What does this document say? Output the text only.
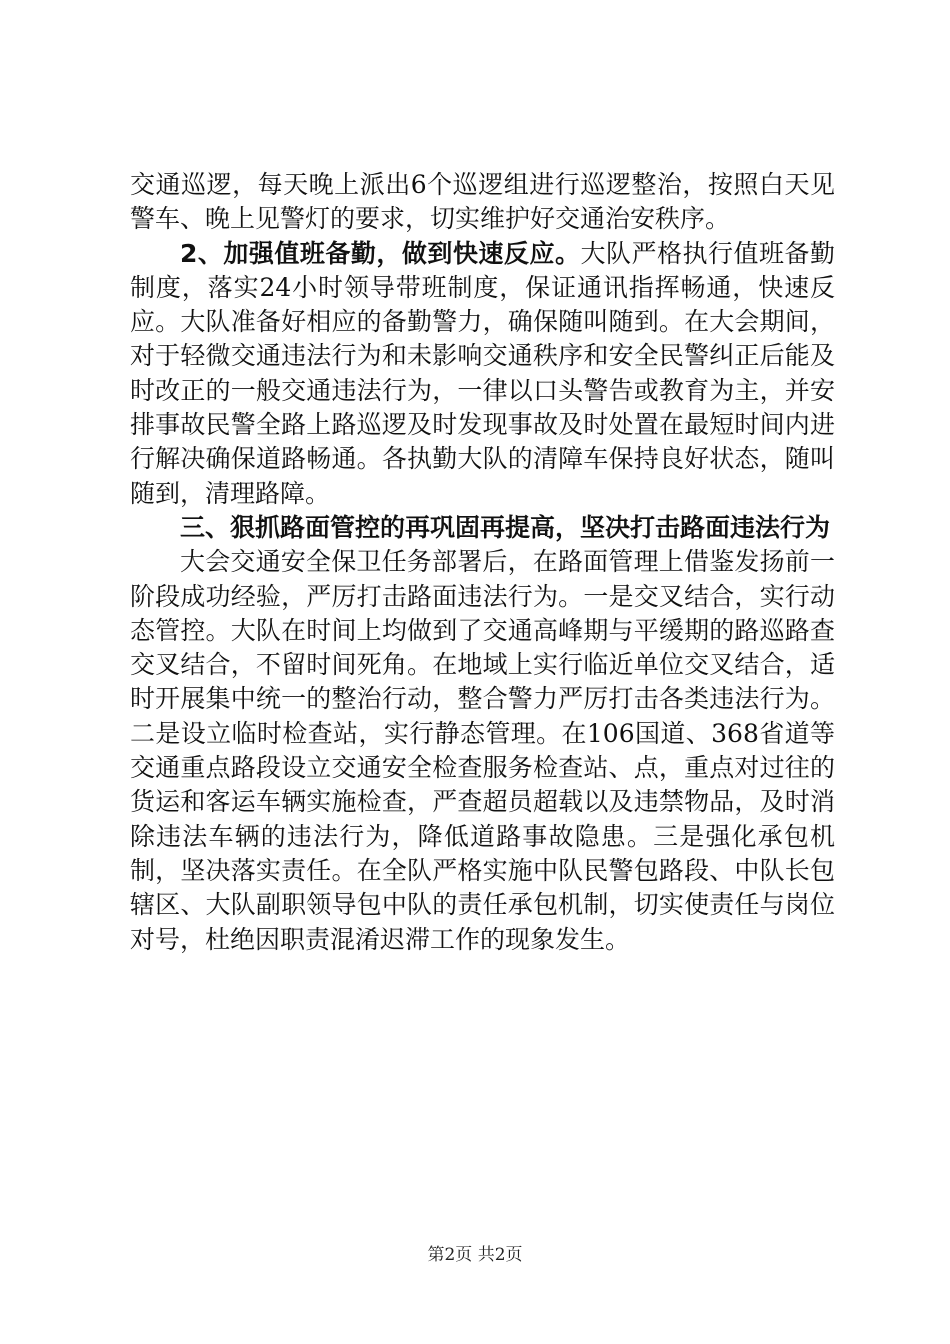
交通巡逻，每天晚上派出6个巡逻组进行巡逻整治，按照白天见警车、晚上见警灯的要求，切实维护好交通治安秩序。

2、加强值班备勤，做到快速反应。大队严格执行值班备勤制度，落实24小时领导带班制度，保证通讯指挥畅通，快速反应。大队准备好相应的备勤警力，确保随叫随到。在大会期间，对于轻微交通违法行为和未影响交通秩序和安全民警纠正后能及时改正的一般交通违法行为，一律以口头警告或教育为主，并安排事故民警全路上路巡逻及时发现事故及时处置在最短时间内进行解决确保道路畅通。各执勤大队的清障车保持良好状态，随叫随到，清理路障。

三、狠抓路面管控的再巩固再提高，坚决打击路面违法行为

大会交通安全保卫任务部署后，在路面管理上借鉴发扬前一阶段成功经验，严厉打击路面违法行为。一是交叉结合，实行动态管控。大队在时间上均做到了交通高峰期与平缓期的路巡路查交叉结合，不留时间死角。在地域上实行临近单位交叉结合，适时开展集中统一的整治行动，整合警力严厉打击各类违法行为。二是设立临时检查站，实行静态管理。在106国道、368省道等交通重点路段设立交通安全检查服务检查站、点，重点对过往的货运和客运车辆实施检查，严查超员超载以及违禁物品，及时消除违法车辆的违法行为，降低道路事故隐患。三是强化承包机制，坚决落实责任。在全队严格实施中队民警包路段、中队长包辖区、大队副职领导包中队的责任承包机制，切实使责任与岗位对号，杜绝因职责混淆迟滞工作的现象发生。

第2页 共2页
